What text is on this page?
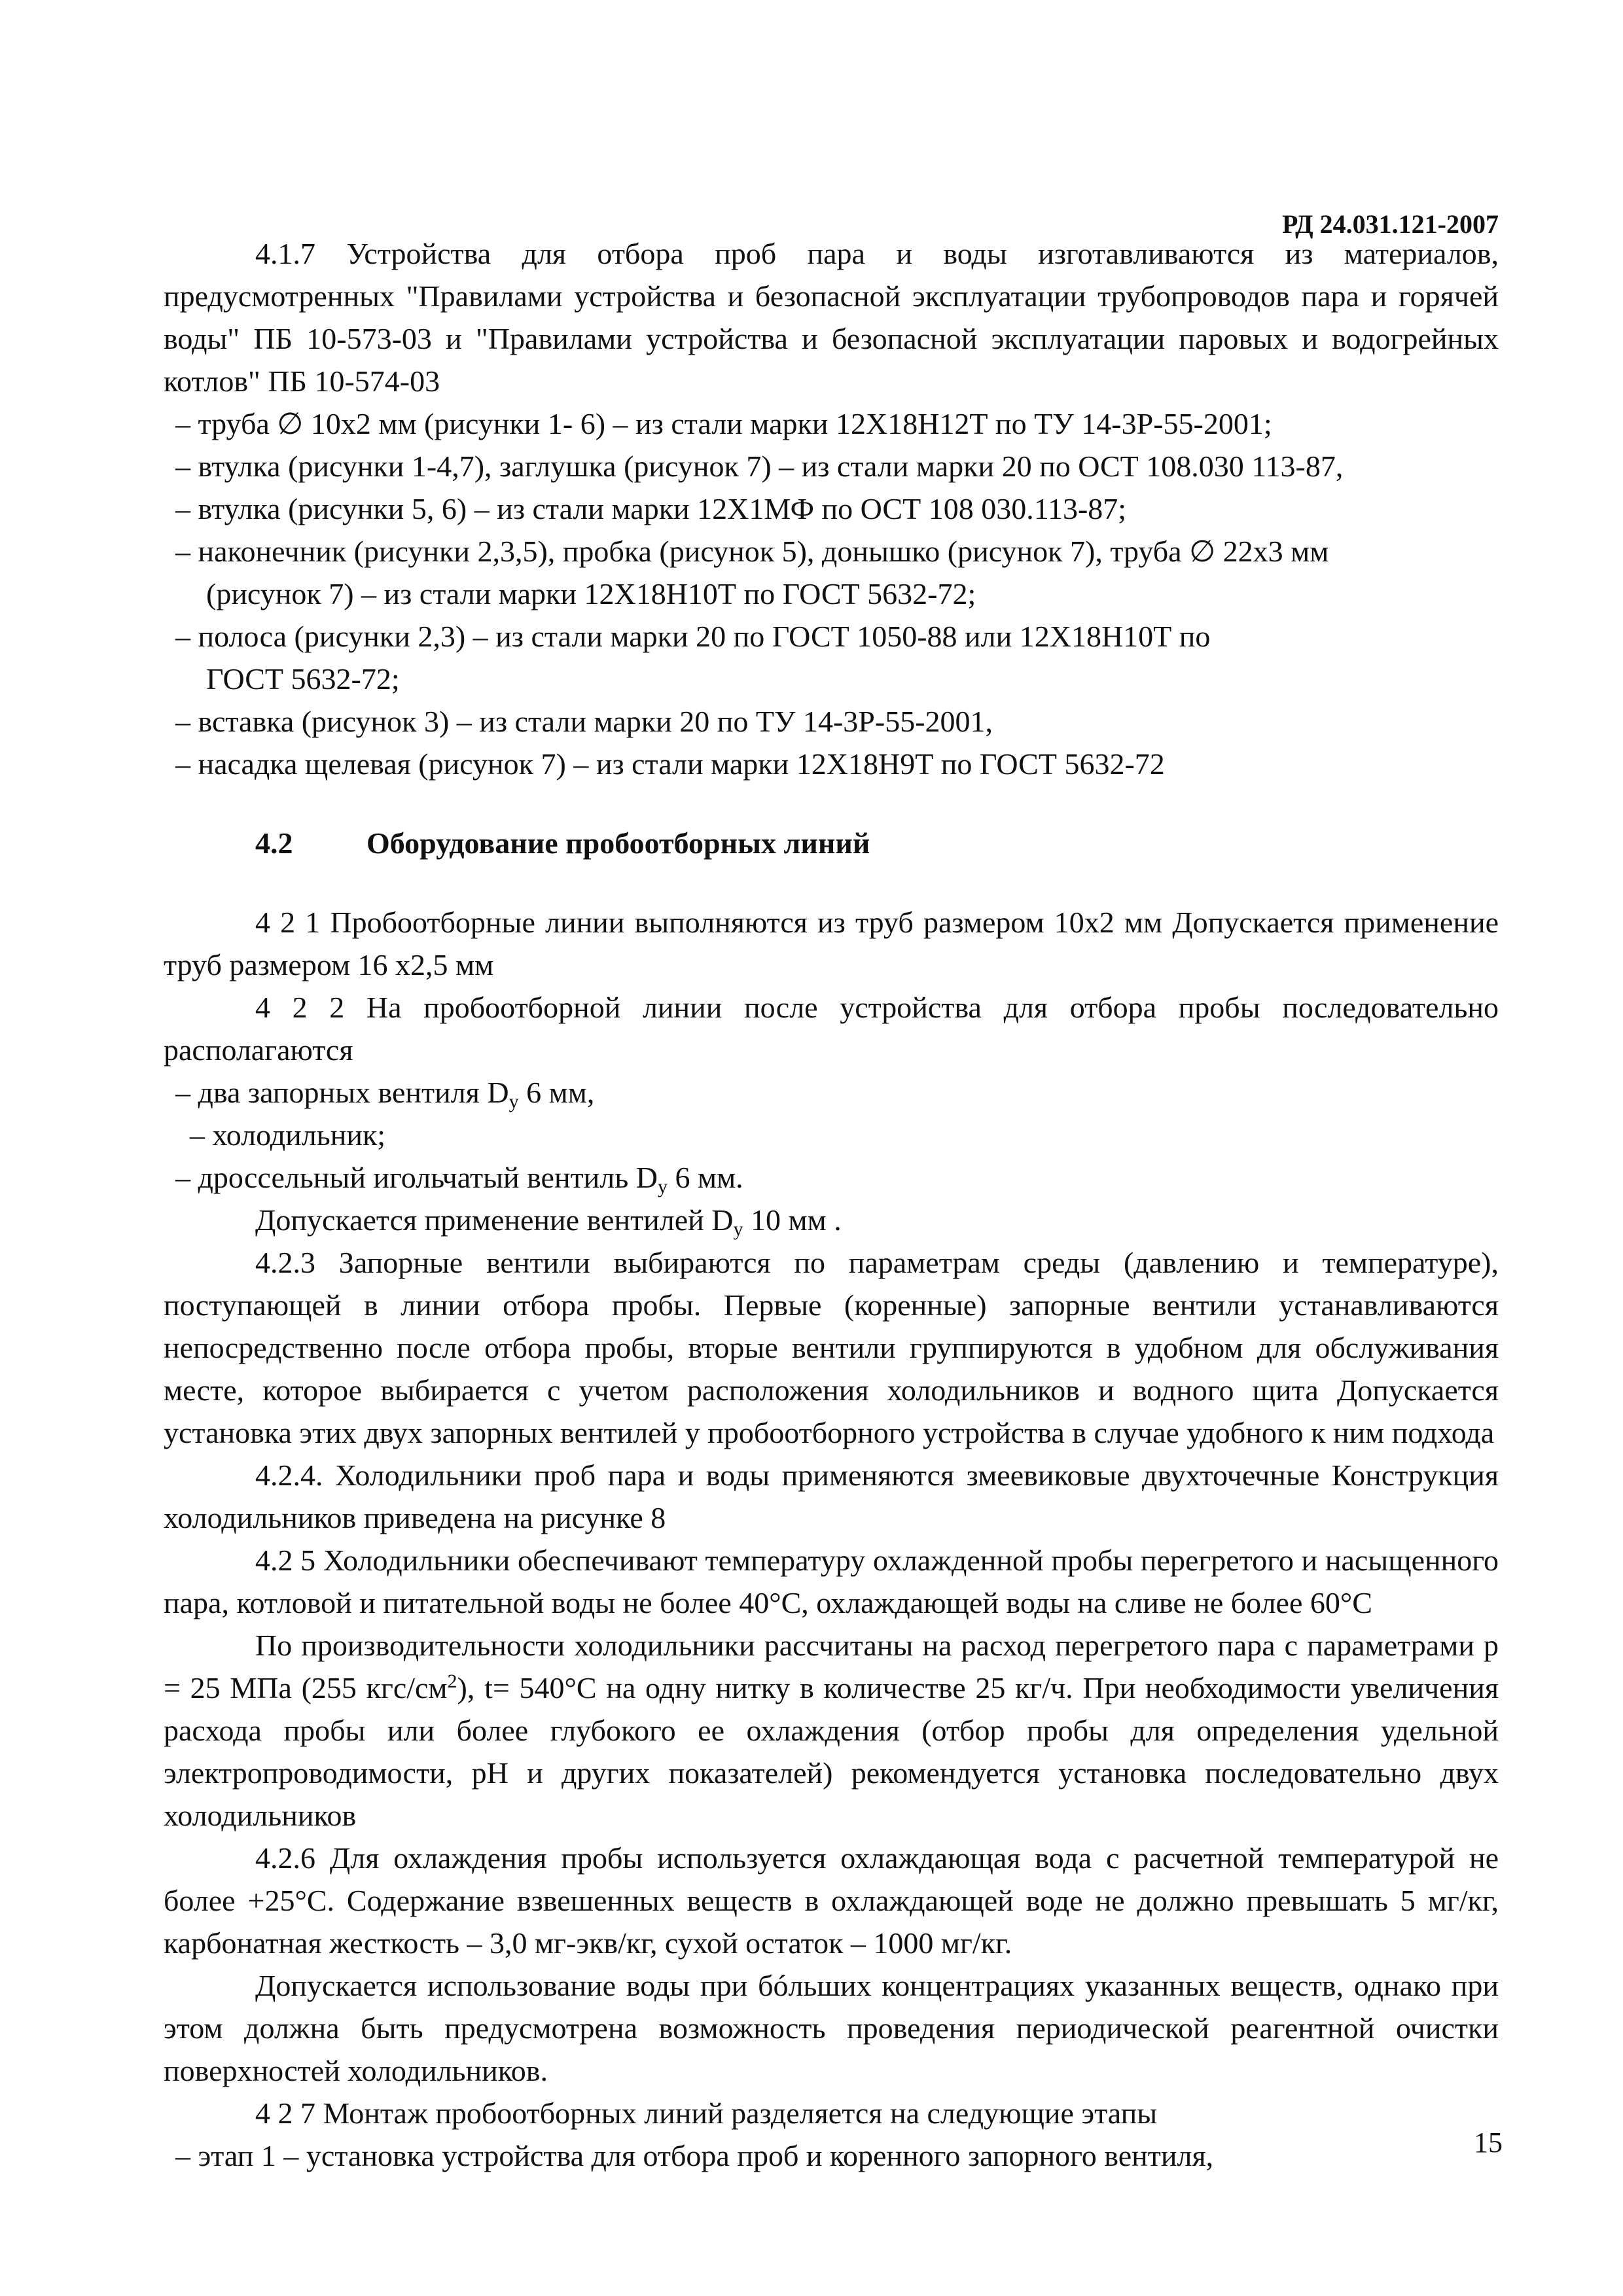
РД 24.031.121-2007

4.1.7 Устройства для отбора проб пара и воды изготавливаются из материалов, предусмотренных "Правилами устройства и безопасной эксплуатации трубопроводов пара и горячей воды" ПБ 10-573-03 и "Правилами устройства и безопасной эксплуатации паровых и водогрейных котлов" ПБ 10-574-03

– труба ∅ 10х2 мм (рисунки 1- 6) – из стали марки 12Х18Н12Т по ТУ 14-3Р-55-2001;

– втулка (рисунки 1-4,7), заглушка (рисунок 7) – из стали марки 20 по ОСТ 108.030 113-87,

– втулка (рисунки 5, 6) – из стали марки 12Х1МФ по ОСТ 108 030.113-87;

– наконечник (рисунки 2,3,5), пробка (рисунок 5), донышко (рисунок 7), труба ∅ 22х3 мм

(рисунок 7) – из стали марки 12Х18Н10Т по ГОСТ 5632-72;

– полоса (рисунки 2,3) – из стали марки 20 по ГОСТ 1050-88 или 12Х18Н10Т по

ГОСТ 5632-72;

– вставка (рисунок 3) – из стали марки 20 по ТУ 14-3Р-55-2001,

– насадка щелевая (рисунок 7) – из стали марки 12Х18Н9Т по ГОСТ 5632-72

4.2	Оборудование пробоотборных линий

4 2 1 Пробоотборные линии выполняются из труб размером 10х2 мм Допускается применение труб размером 16 х2,5 мм

4 2 2 На пробоотборной линии после устройства для отбора пробы последовательно располагаются

– два запорных вентиля $D_y$ 6 мм,

– холодильник;

– дроссельный игольчатый вентиль $D_y$ 6 мм.

Допускается применение вентилей $D_y$ 10 мм .

4.2.3 Запорные вентили выбираются по параметрам среды (давлению и температуре), поступающей в линии отбора пробы. Первые (коренные) запорные вентили устанавливаются непосредственно после отбора пробы, вторые вентили группируются в удобном для обслуживания месте, которое выбирается с учетом расположения холодильников и водного щита Допускается установка этих двух запорных вентилей у пробоотборного устройства в случае удобного к ним подхода

4.2.4. Холодильники проб пара и воды применяются змеевиковые двухточечные Конструкция холодильников приведена на рисунке 8

4.2 5 Холодильники обеспечивают температуру охлажденной пробы перегретого и насыщенного пара, котловой и питательной воды не более 40°С, охлаждающей воды на сливе не более 60°С

По производительности холодильники рассчитаны на расход перегретого пара с параметрами р = 25 МПа (255 кгс/$см^2$), t= 540°С на одну нитку в количестве 25 кг/ч. При необходимости увеличения расхода пробы или более глубокого ее охлаждения (отбор пробы для определения удельной электропроводимости, рН и других показателей) рекомендуется установка последовательно двух холодильников

4.2.6 Для охлаждения пробы используется охлаждающая вода с расчетной температурой не более +25°С. Содержание взвешенных веществ в охлаждающей воде не должно превышать 5 мг/кг, карбонатная жесткость – 3,0 мг-экв/кг, сухой остаток – 1000 мг/кг.

Допускается использование воды при бóльших концентрациях указанных веществ, однако при этом должна быть предусмотрена возможность проведения периодической реагентной очистки поверхностей холодильников.

4 2 7 Монтаж пробоотборных линий разделяется на следующие этапы

– этап 1 – установка устройства для отбора проб и коренного запорного вентиля,	15
